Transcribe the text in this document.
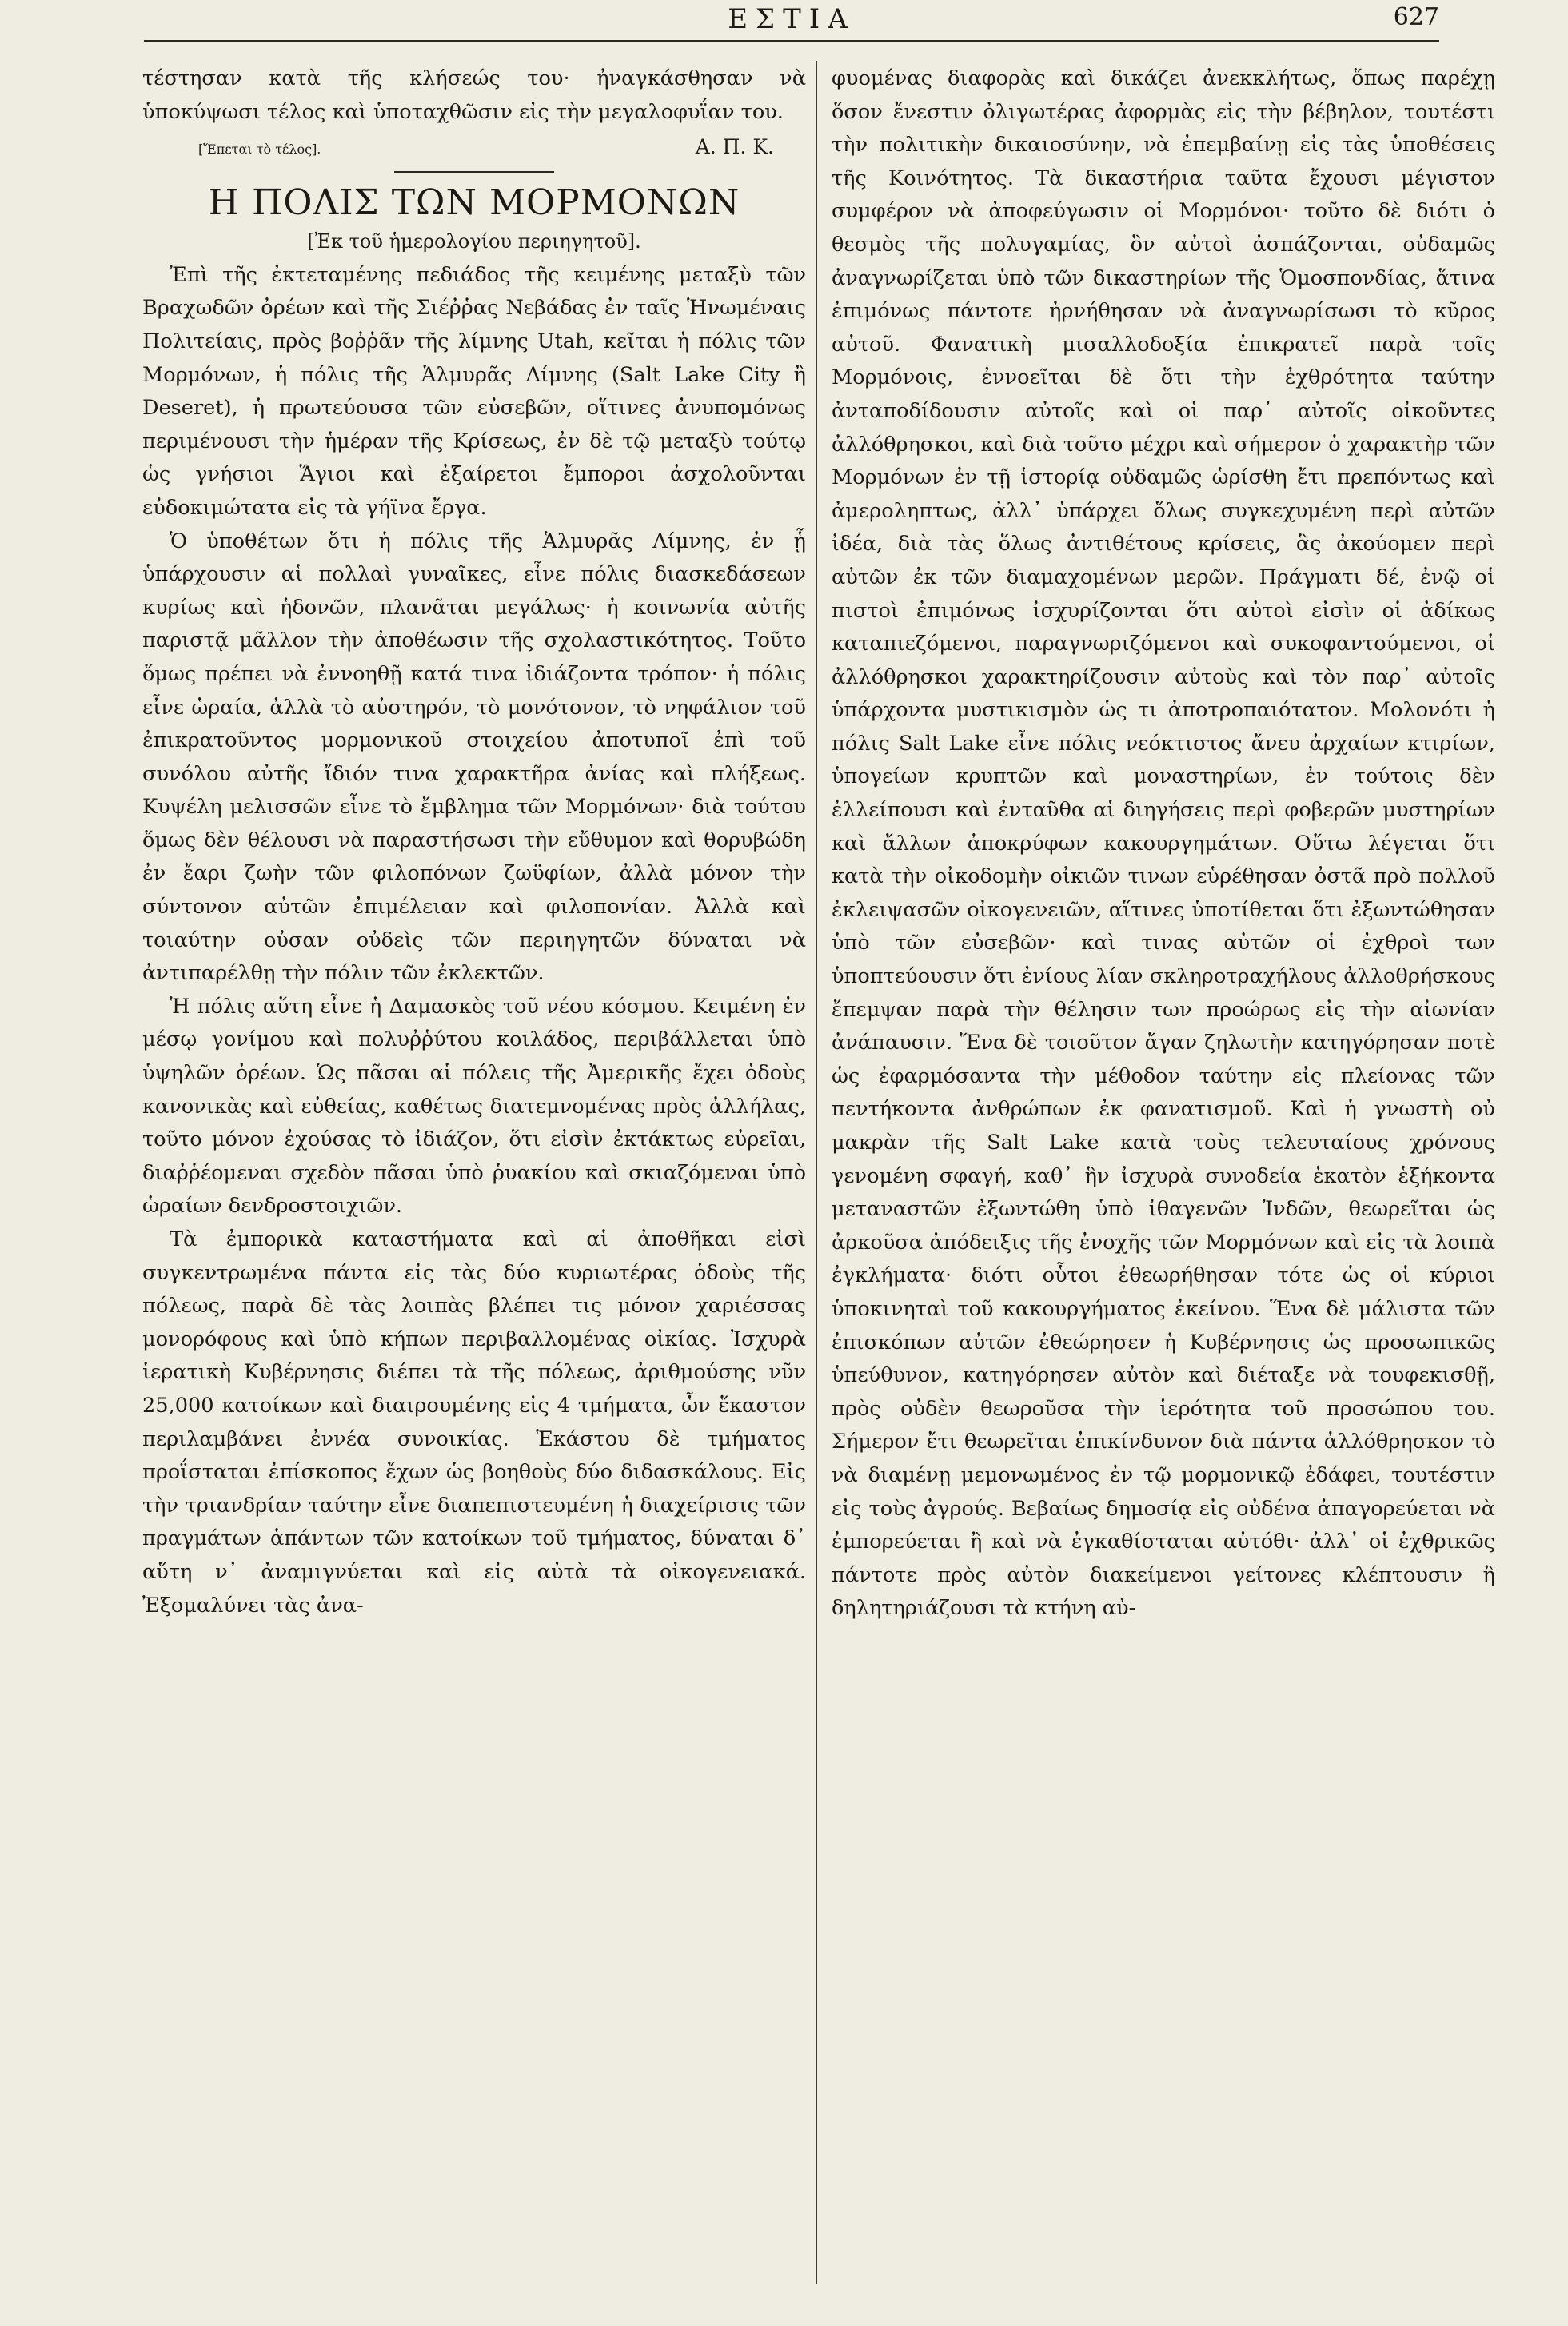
ΕΣΤΙΑ	627

τέστησαν κατὰ τῆς κλήσεώς του· ἠναγκάσθησαν νὰ ὑποκύψωσι τέλος καὶ ὑποταχθῶσιν εἰς τὴν μεγαλοφυΐαν του.

[Ἕπεται τὸ τέλος].	Α. Π. Κ.
Η ΠΟΛΙΣ ΤΩΝ ΜΟΡΜΟΝΩΝ
[Ἐκ τοῦ ἡμερολογίου περιηγητοῦ].

Ἐπὶ τῆς ἐκτεταμένης πεδιάδος τῆς κειμένης μεταξὺ τῶν Βραχωδῶν ὀρέων καὶ τῆς Σιέῤῥας Νεβάδας ἐν ταῖς Ἡνωμέναις Πολιτείαις, πρὸς βοῤῥᾶν τῆς λίμνης Utah, κεῖται ἡ πόλις τῶν Μορμόνων, ἡ πόλις τῆς Ἁλμυρᾶς Λίμνης (Salt Lake City ἢ Deseret), ἡ πρωτεύουσα τῶν εὐσεβῶν, οἵτινες ἀνυπομόνως περιμένουσι τὴν ἡμέραν τῆς Κρίσεως, ἐν δὲ τῷ μεταξὺ τούτῳ ὡς γνήσιοι Ἅγιοι καὶ ἐξαίρετοι ἔμποροι ἀσχολοῦνται εὐδοκιμώτατα εἰς τὰ γήϊνα ἔργα.

Ὁ ὑποθέτων ὅτι ἡ πόλις τῆς Ἁλμυρᾶς Λίμνης, ἐν ᾗ ὑπάρχουσιν αἱ πολλαὶ γυναῖκες, εἶνε πόλις διασκεδάσεων κυρίως καὶ ἡδονῶν, πλανᾶται μεγάλως· ἡ κοινωνία αὐτῆς παριστᾷ μᾶλλον τὴν ἀποθέωσιν τῆς σχολαστικότητος. Τοῦτο ὅμως πρέπει νὰ ἐννοηθῇ κατά τινα ἰδιάζοντα τρόπον· ἡ πόλις εἶνε ὡραία, ἀλλὰ τὸ αὐστηρόν, τὸ μονότονον, τὸ νηφάλιον τοῦ ἐπικρατοῦντος μορμονικοῦ στοιχείου ἀποτυποῖ ἐπὶ τοῦ συνόλου αὐτῆς ἴδιόν τινα χαρακτῆρα ἀνίας καὶ πλήξεως. Κυψέλη μελισσῶν εἶνε τὸ ἔμβλημα τῶν Μορμόνων· διὰ τούτου ὅμως δὲν θέλουσι νὰ παραστήσωσι τὴν εὔθυμον καὶ θορυβώδη ἐν ἔαρι ζωὴν τῶν φιλοπόνων ζωϋφίων, ἀλλὰ μόνον τὴν σύντονον αὐτῶν ἐπιμέλειαν καὶ φιλοπονίαν. Ἀλλὰ καὶ τοιαύτην οὐσαν οὐδεὶς τῶν περιηγητῶν δύναται νὰ ἀντιπαρέλθῃ τὴν πόλιν τῶν ἐκλεκτῶν.

Ἡ πόλις αὕτη εἶνε ἡ Δαμασκὸς τοῦ νέου κόσμου. Κειμένη ἐν μέσῳ γονίμου καὶ πολυῤῥύτου κοιλάδος, περιβάλλεται ὑπὸ ὑψηλῶν ὀρέων. Ὡς πᾶσαι αἱ πόλεις τῆς Ἀμερικῆς ἔχει ὁδοὺς κανονικὰς καὶ εὐθείας, καθέτως διατεμνομένας πρὸς ἀλλήλας, τοῦτο μόνον ἐχούσας τὸ ἰδιάζον, ὅτι εἰσὶν ἐκτάκτως εὐρεῖαι, διαῤῥέομεναι σχεδὸν πᾶσαι ὑπὸ ῥυακίου καὶ σκιαζόμεναι ὑπὸ ὡραίων δενδροστοιχιῶν.

Τὰ ἐμπορικὰ καταστήματα καὶ αἱ ἀποθῆκαι εἰσὶ συγκεντρωμένα πάντα εἰς τὰς δύο κυριωτέρας ὁδοὺς τῆς πόλεως, παρὰ δὲ τὰς λοιπὰς βλέπει τις μόνον χαριέσσας μονορόφους καὶ ὑπὸ κήπων περιβαλλομένας οἰκίας. Ἰσχυρὰ ἱερατικὴ Κυβέρνησις διέπει τὰ τῆς πόλεως, ἀριθμούσης νῦν 25,000 κατοίκων καὶ διαιρουμένης εἰς 4 τμήματα, ὧν ἕκαστον περιλαμβάνει ἐννέα συνοικίας. Ἑκάστου δὲ τμήματος προΐσταται ἐπίσκοπος ἔχων ὡς βοηθοὺς δύο διδασκάλους. Εἰς τὴν τριανδρίαν ταύτην εἶνε διαπεπιστευμένη ἡ διαχείρισις τῶν πραγμάτων ἁπάντων τῶν κατοίκων τοῦ τμήματος, δύναται δ᾽ αὕτη ν᾽ ἀναμιγνύεται καὶ εἰς αὐτὰ τὰ οἰκογενειακά. Ἐξομαλύνει τὰς ἀνα-

φυομένας διαφορὰς καὶ δικάζει ἀνεκκλήτως, ὅπως παρέχῃ ὅσον ἔνεστιν ὀλιγωτέρας ἀφορμὰς εἰς τὴν βέβηλον, τουτέστι τὴν πολιτικὴν δικαιοσύνην, νὰ ἐπεμβαίνῃ εἰς τὰς ὑποθέσεις τῆς Κοινότητος. Τὰ δικαστήρια ταῦτα ἔχουσι μέγιστον συμφέρον νὰ ἀποφεύγωσιν οἱ Μορμόνοι· τοῦτο δὲ διότι ὁ θεσμὸς τῆς πολυγαμίας, ὃν αὐτοὶ ἀσπάζονται, οὐδαμῶς ἀναγνωρίζεται ὑπὸ τῶν δικαστηρίων τῆς Ὁμοσπονδίας, ἅτινα ἐπιμόνως πάντοτε ἠρνήθησαν νὰ ἀναγνωρίσωσι τὸ κῦρος αὐτοῦ. Φανατικὴ μισαλλοδοξία ἐπικρατεῖ παρὰ τοῖς Μορμόνοις, ἐννοεῖται δὲ ὅτι τὴν ἐχθρότητα ταύτην ἀνταποδίδουσιν αὐτοῖς καὶ οἱ παρ᾽ αὐτοῖς οἰκοῦντες ἀλλόθρησκοι, καὶ διὰ τοῦτο μέχρι καὶ σήμερον ὁ χαρακτὴρ τῶν Μορμόνων ἐν τῇ ἱστορίᾳ οὐδαμῶς ὡρίσθη ἔτι πρεπόντως καὶ ἀμεροληπτως, ἀλλ᾽ ὑπάρχει ὅλως συγκεχυμένη περὶ αὐτῶν ἰδέα, διὰ τὰς ὅλως ἀντιθέτους κρίσεις, ἃς ἀκούομεν περὶ αὐτῶν ἐκ τῶν διαμαχομένων μερῶν. Πράγματι δέ, ἐνῷ οἱ πιστοὶ ἐπιμόνως ἰσχυρίζονται ὅτι αὐτοὶ εἰσὶν οἱ ἀδίκως καταπιεζόμενοι, παραγνωριζόμενοι καὶ συκοφαντούμενοι, οἱ ἀλλόθρησκοι χαρακτηρίζουσιν αὐτοὺς καὶ τὸν παρ᾽ αὐτοῖς ὑπάρχοντα μυστικισμὸν ὡς τι ἀποτροπαιότατον. Μολονότι ἡ πόλις Salt Lake εἶνε πόλις νεόκτιστος ἄνευ ἀρχαίων κτιρίων, ὑπογείων κρυπτῶν καὶ μοναστηρίων, ἐν τούτοις δὲν ἐλλείπουσι καὶ ἐνταῦθα αἱ διηγήσεις περὶ φοβερῶν μυστηρίων καὶ ἄλλων ἀποκρύφων κακουργημάτων. Οὕτω λέγεται ὅτι κατὰ τὴν οἰκοδομὴν οἰκιῶν τινων εὑρέθησαν ὀστᾶ πρὸ πολλοῦ ἐκλειψασῶν οἰκογενειῶν, αἵτινες ὑποτίθεται ὅτι ἐξωντώθησαν ὑπὸ τῶν εὐσεβῶν· καὶ τινας αὐτῶν οἱ ἐχθροὶ των ὑποπτεύουσιν ὅτι ἐνίους λίαν σκληροτραχήλους ἀλλοθρήσκους ἔπεμψαν παρὰ τὴν θέλησιν των προώρως εἰς τὴν αἰωνίαν ἀνάπαυσιν. Ἕνα δὲ τοιοῦτον ἄγαν ζηλωτὴν κατηγόρησαν ποτὲ ὡς ἐφαρμόσαντα τὴν μέθοδον ταύτην εἰς πλείονας τῶν πεντήκοντα ἀνθρώπων ἐκ φανατισμοῦ. Καὶ ἡ γνωστὴ οὐ μακρὰν τῆς Salt Lake κατὰ τοὺς τελευταίους χρόνους γενομένη σφαγή, καθ᾽ ἣν ἰσχυρὰ συνοδεία ἑκατὸν ἑξήκοντα μεταναστῶν ἐξωντώθη ὑπὸ ἰθαγενῶν Ἰνδῶν, θεωρεῖται ὡς ἀρκοῦσα ἀπόδειξις τῆς ἐνοχῆς τῶν Μορμόνων καὶ εἰς τὰ λοιπὰ ἐγκλήματα· διότι οὗτοι ἐθεωρήθησαν τότε ὡς οἱ κύριοι ὑποκινηταὶ τοῦ κακουργήματος ἐκείνου. Ἕνα δὲ μάλιστα τῶν ἐπισκόπων αὐτῶν ἐθεώρησεν ἡ Κυβέρνησις ὡς προσωπικῶς ὑπεύθυνον, κατηγόρησεν αὐτὸν καὶ διέταξε νὰ τουφεκισθῇ, πρὸς οὐδὲν θεωροῦσα τὴν ἱερότητα τοῦ προσώπου του. Σήμερον ἔτι θεωρεῖται ἐπικίνδυνον διὰ πάντα ἀλλόθρησκον τὸ νὰ διαμένῃ μεμονωμένος ἐν τῷ μορμονικῷ ἐδάφει, τουτέστιν εἰς τοὺς ἀγρούς. Βεβαίως δημοσίᾳ εἰς οὐδένα ἀπαγορεύεται νὰ ἐμπορεύεται ἢ καὶ νὰ ἐγκαθίσταται αὐτόθι· ἀλλ᾽ οἱ ἐχθρικῶς πάντοτε πρὸς αὐτὸν διακείμενοι γείτονες κλέπτουσιν ἢ δηλητηριάζουσι τὰ κτήνη αὐ-
